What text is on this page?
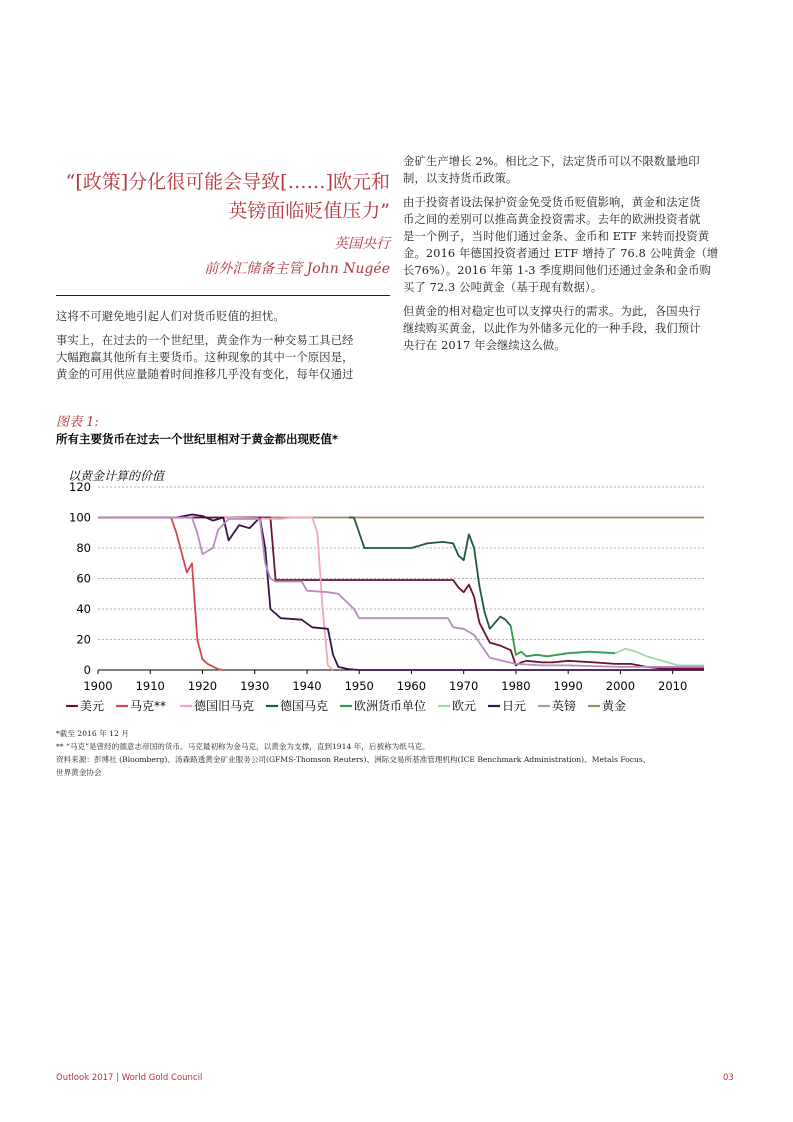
“[政策]分化很可能会导致[……]欧元和
英镑面临贬值压力”
英国央行
前外汇储备主管 John Nugée

这将不可避免地引起人们对货币贬值的担忧。

事实上，在过去的一个世纪里，黄金作为一种交易工具已经
大幅跑赢其他所有主要货币。这种现象的其中一个原因是，
黄金的可用供应量随着时间推移几乎没有变化，每年仅通过

金矿生产增长 2%。相比之下，法定货币可以不限数量地印
制，以支持货币政策。

由于投资者设法保护资金免受货币贬值影响，黄金和法定货
币之间的差别可以推高黄金投资需求。去年的欧洲投资者就
是一个例子，当时他们通过金条、金币和 ETF 来转而投资黄
金。2016 年德国投资者通过 ETF 增持了 76.8 公吨黄金（增
长76%）。2016 年第 1-3 季度期间他们还通过金条和金币购
买了 72.3 公吨黄金（基于现有数据）。

但黄金的相对稳定也可以支撑央行的需求。为此，各国央行
继续购买黄金，以此作为外储多元化的一种手段，我们预计
央行在 2017 年会继续这么做。

图表 1:
所有主要货币在过去一个世纪里相对于黄金都出现贬值*
以黄金计算的价值
0
20
40
60
80
100
120
1900 1910 1920 1930 1940 1950 1960 1970 1980 1990 2000 2010
美元 马克** 德国旧马克 德国马克 欧洲货币单位 欧元 日元 英镑 黄金
*截至 2016 年 12 月
** “马克”是曾经的德意志帝国的货币。马克最初称为金马克，以黄金为支撑，直到1914 年，后被称为纸马克。
资料来源：彭博社 (Bloomberg)、汤森路透黄金矿业服务公司(GFMS-Thomson Reuters)、洲际交易所基准管理机构(ICE Benchmark Administration)、Metals Focus、
世界黄金协会
Outlook 2017 | World Gold Council	03
